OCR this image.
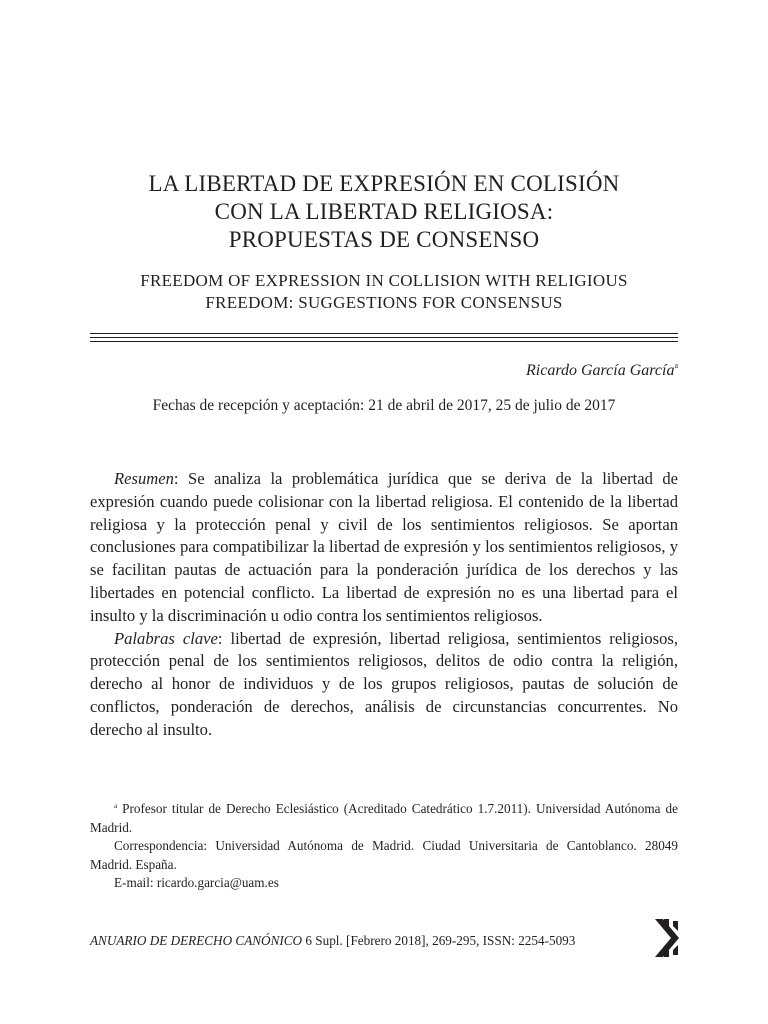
LA LIBERTAD DE EXPRESIÓN EN COLISIÓN
CON LA LIBERTAD RELIGIOSA:
PROPUESTAS DE CONSENSO
FREEDOM OF EXPRESSION IN COLLISION WITH RELIGIOUS
FREEDOM: SUGGESTIONS FOR CONSENSUS
Ricardo García García$^a$
Fechas de recepción y aceptación: 21 de abril de 2017, 25 de julio de 2017

Resumen: Se analiza la problemática jurídica que se deriva de la libertad de expresión cuando puede colisionar con la libertad religiosa. El contenido de la libertad religiosa y la protección penal y civil de los sentimientos religiosos. Se aportan conclusiones para compatibilizar la libertad de expresión y los sentimientos religiosos, y se facilitan pautas de actuación para la ponderación jurídica de los derechos y las libertades en potencial conflicto. La libertad de expresión no es una libertad para el insulto y la discriminación u odio contra los sentimientos religiosos.

Palabras clave: libertad de expresión, libertad religiosa, sentimientos religiosos, protección penal de los sentimientos religiosos, delitos de odio contra la religión, derecho al honor de individuos y de los grupos religiosos, pautas de solución de conflictos, ponderación de derechos, análisis de circunstancias concurrentes. No derecho al insulto.

$^a$ Profesor titular de Derecho Eclesiástico (Acreditado Catedrático 1.7.2011). Universidad Autónoma de Madrid.

Correspondencia: Universidad Autónoma de Madrid. Ciudad Universitaria de Cantoblanco. 28049 Madrid. España.

E-mail: ricardo.garcia@uam.es

ANUARIO DE DERECHO CANÓNICO 6 Supl. [Febrero 2018], 269-295, ISSN: 2254-5093
